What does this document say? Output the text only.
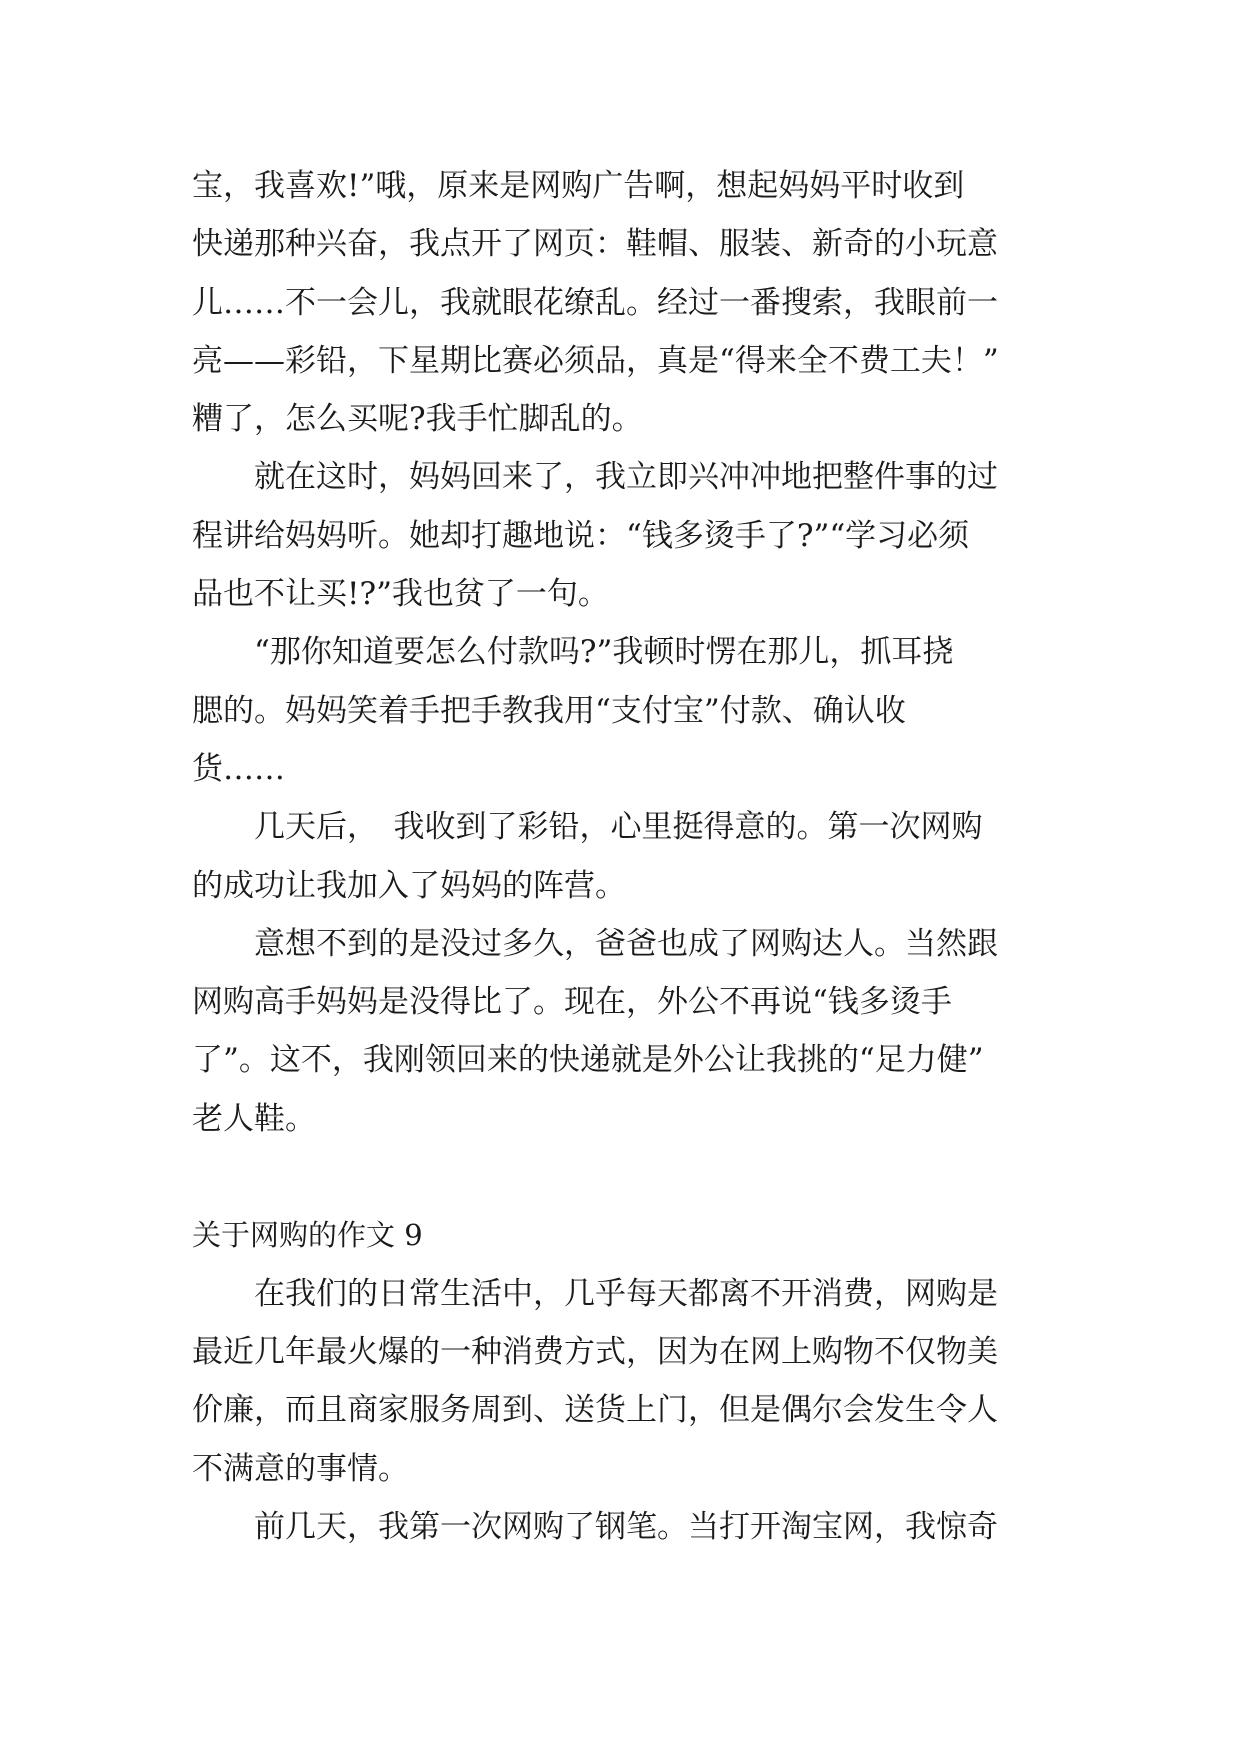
宝，我喜欢!”哦，原来是网购广告啊，想起妈妈平时收到
快递那种兴奋，我点开了网页：鞋帽、服装、新奇的小玩意
儿……不一会儿，我就眼花缭乱。经过一番搜索，我眼前一
亮——彩铅，下星期比赛必须品，真是“得来全不费工夫！”
糟了，怎么买呢?我手忙脚乱的。
　　就在这时，妈妈回来了，我立即兴冲冲地把整件事的过
程讲给妈妈听。她却打趣地说：“钱多烫手了?”“学习必须
品也不让买!?”我也贫了一句。
　　“那你知道要怎么付款吗?”我顿时愣在那儿，抓耳挠
腮的。妈妈笑着手把手教我用“支付宝”付款、确认收
货……
　　几天后，　我收到了彩铅，心里挺得意的。第一次网购
的成功让我加入了妈妈的阵营。
　　意想不到的是没过多久，爸爸也成了网购达人。当然跟
网购高手妈妈是没得比了。现在，外公不再说“钱多烫手
了”。这不，我刚领回来的快递就是外公让我挑的“足力健”
老人鞋。
关于网购的作文 9
　　在我们的日常生活中，几乎每天都离不开消费，网购是
最近几年最火爆的一种消费方式，因为在网上购物不仅物美
价廉，而且商家服务周到、送货上门，但是偶尔会发生令人
不满意的事情。
　　前几天，我第一次网购了钢笔。当打开淘宝网，我惊奇
